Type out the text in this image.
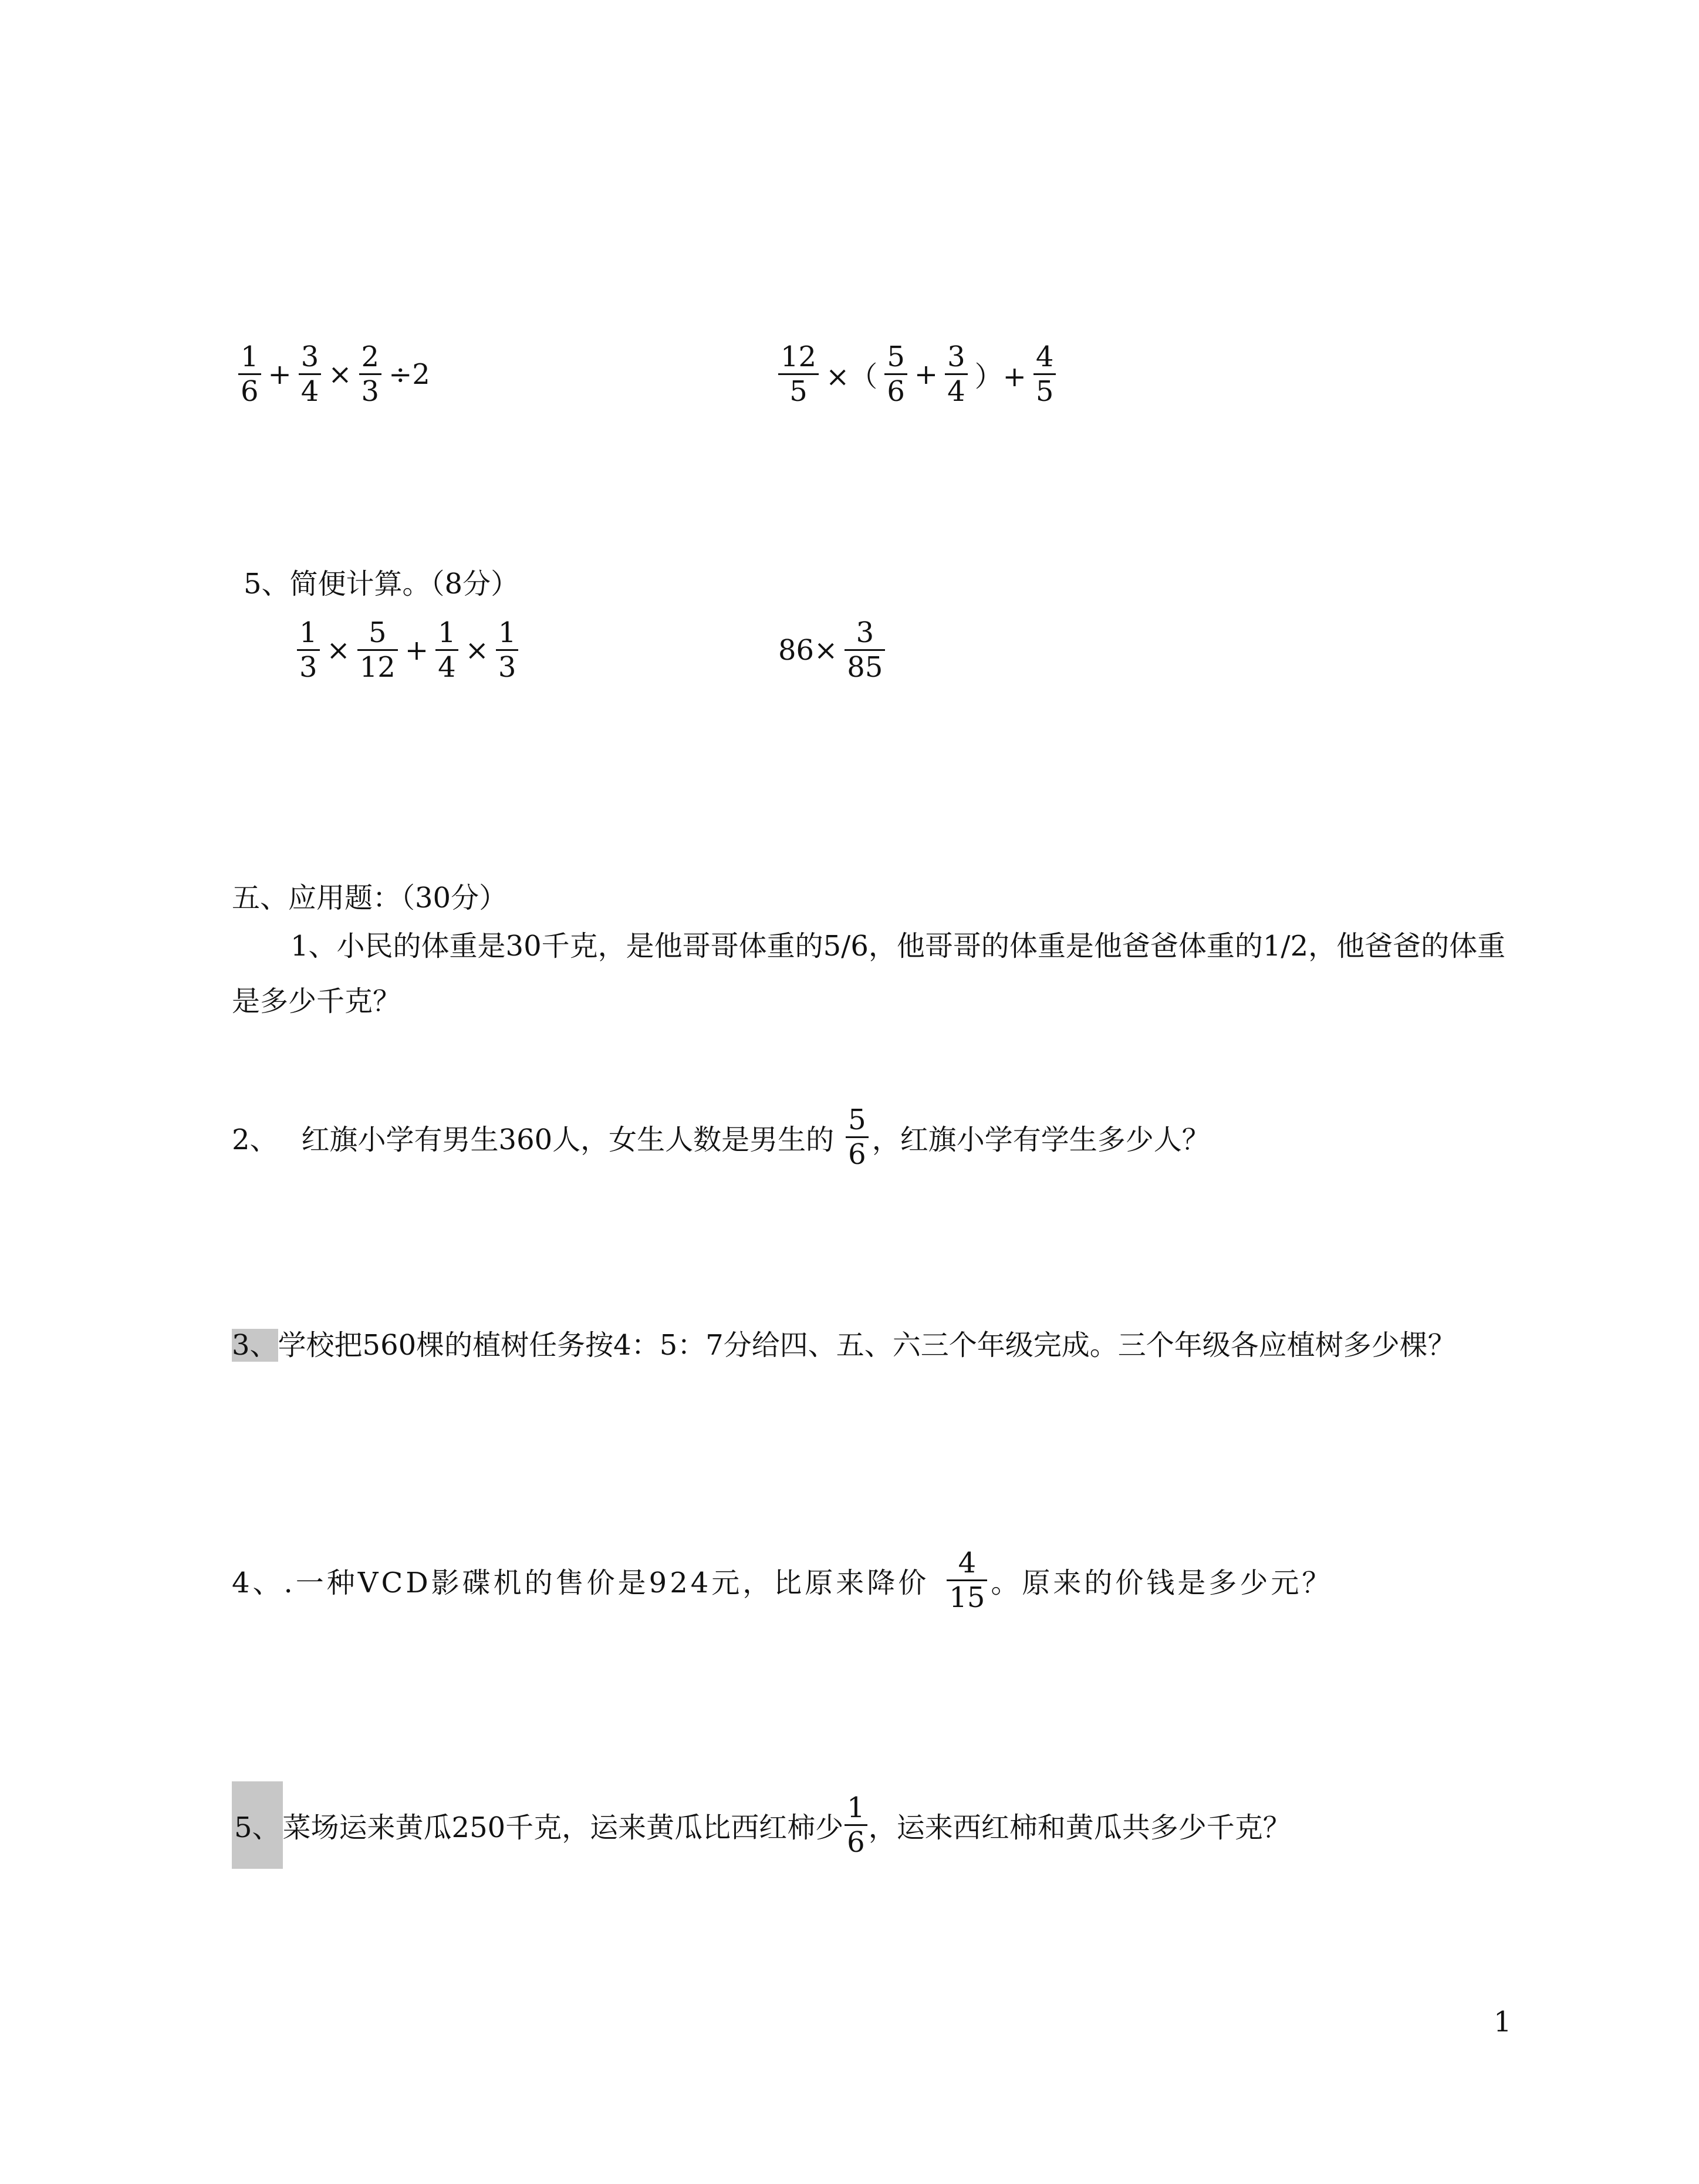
$\frac{1}{6} + \frac{3}{4} \times \frac{2}{3} \div 2$	$\frac{12}{5}$ ×（ $\frac{5}{6} + \frac{3}{4}$ ）+ $\frac{4}{5}$
5、简便计算。（8分）
$\frac{1}{3} \times \frac{5}{12} + \frac{1}{4} \times \frac{1}{3}$	$86\times \frac{3}{85}$
五、应用题：（30分）
1、小民的体重是30千克，是他哥哥体重的5/6，他哥哥的体重是他爸爸体重的1/2，他爸爸的体重是多少千克？
2、 红旗小学有男生360人，女生人数是男生的 $\frac{5}{6}$ ，红旗小学有学生多少人？
3、学校把560棵的植树任务按4：5：7分给四、五、六三个年级完成。三个年级各应植树多少棵？
4、.一种VCD影碟机的售价是924元，比原来降价 $\frac{4}{15}$ 。原来的价钱是多少元？
5、 菜场运来黄瓜250千克，运来黄瓜比西红柿少 $\frac{1}{6}$ ，运来西红柿和黄瓜共多少千克？
1
